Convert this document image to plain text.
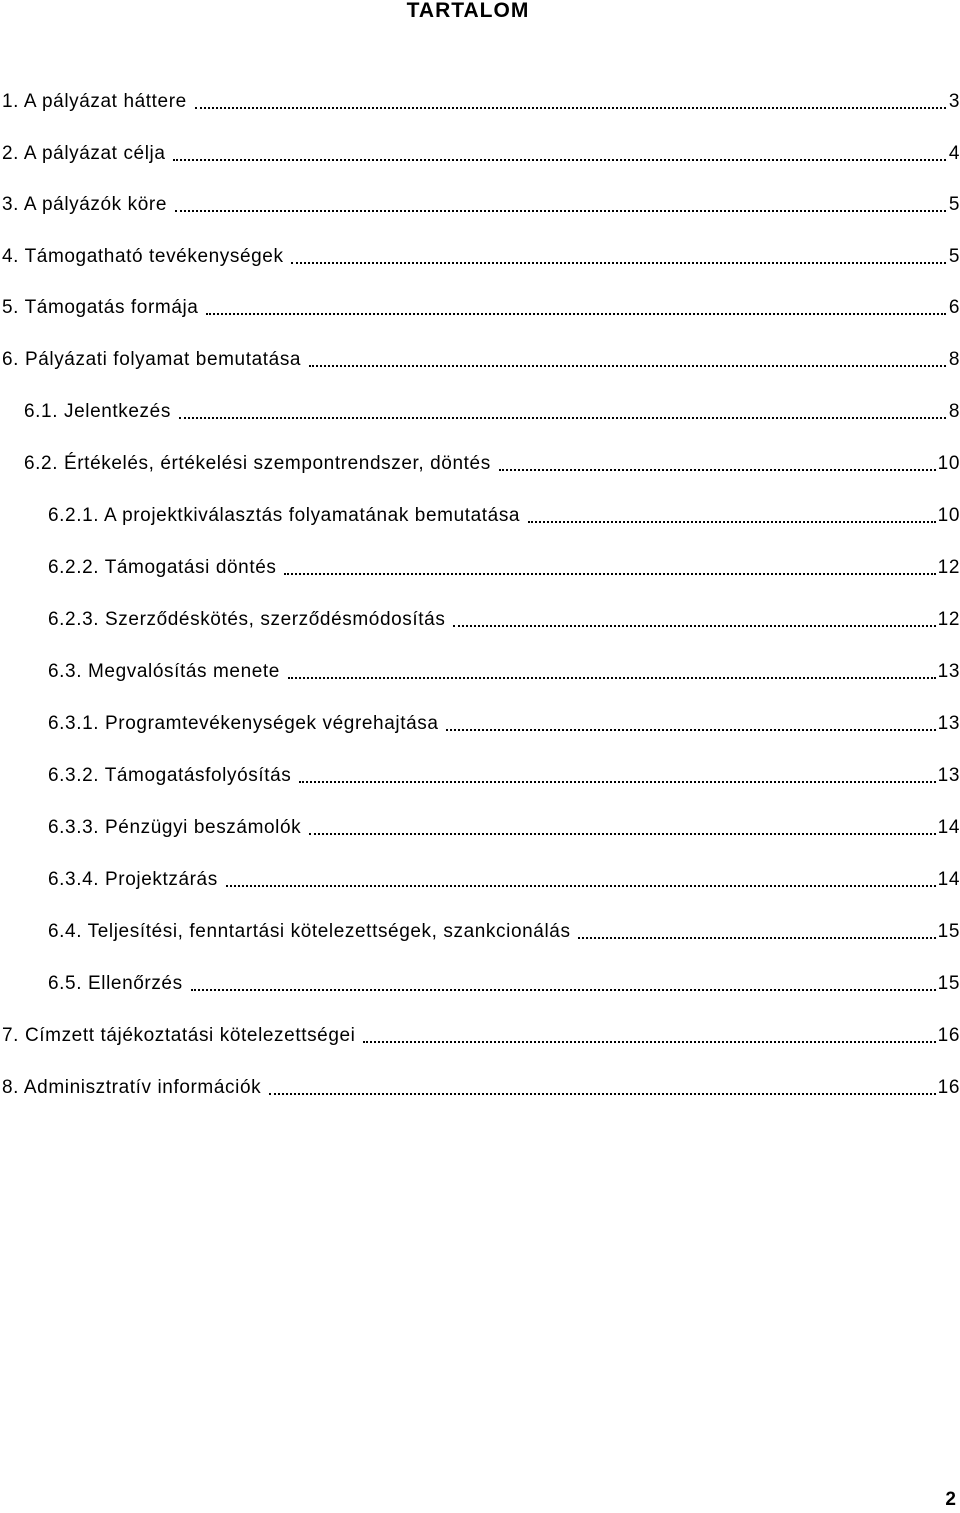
TARTALOM
1. A pályázat háttere	3
2. A pályázat célja	4
3. A pályázók köre	5
4. Támogatható tevékenységek	5
5. Támogatás formája	6
6. Pályázati folyamat bemutatása	8
6.1. Jelentkezés	8
6.2. Értékelés, értékelési szempontrendszer, döntés	10
6.2.1. A projektkiválasztás folyamatának bemutatása	10
6.2.2. Támogatási döntés	12
6.2.3. Szerződéskötés, szerződésmódosítás	12
6.3. Megvalósítás menete	13
6.3.1. Programtevékenységek végrehajtása	13
6.3.2. Támogatásfolyósítás	13
6.3.3. Pénzügyi beszámolók	14
6.3.4. Projektzárás	14
6.4. Teljesítési, fenntartási kötelezettségek, szankcionálás	15
6.5. Ellenőrzés	15
7. Címzett tájékoztatási kötelezettségei	16
8. Adminisztratív információk	16
2
